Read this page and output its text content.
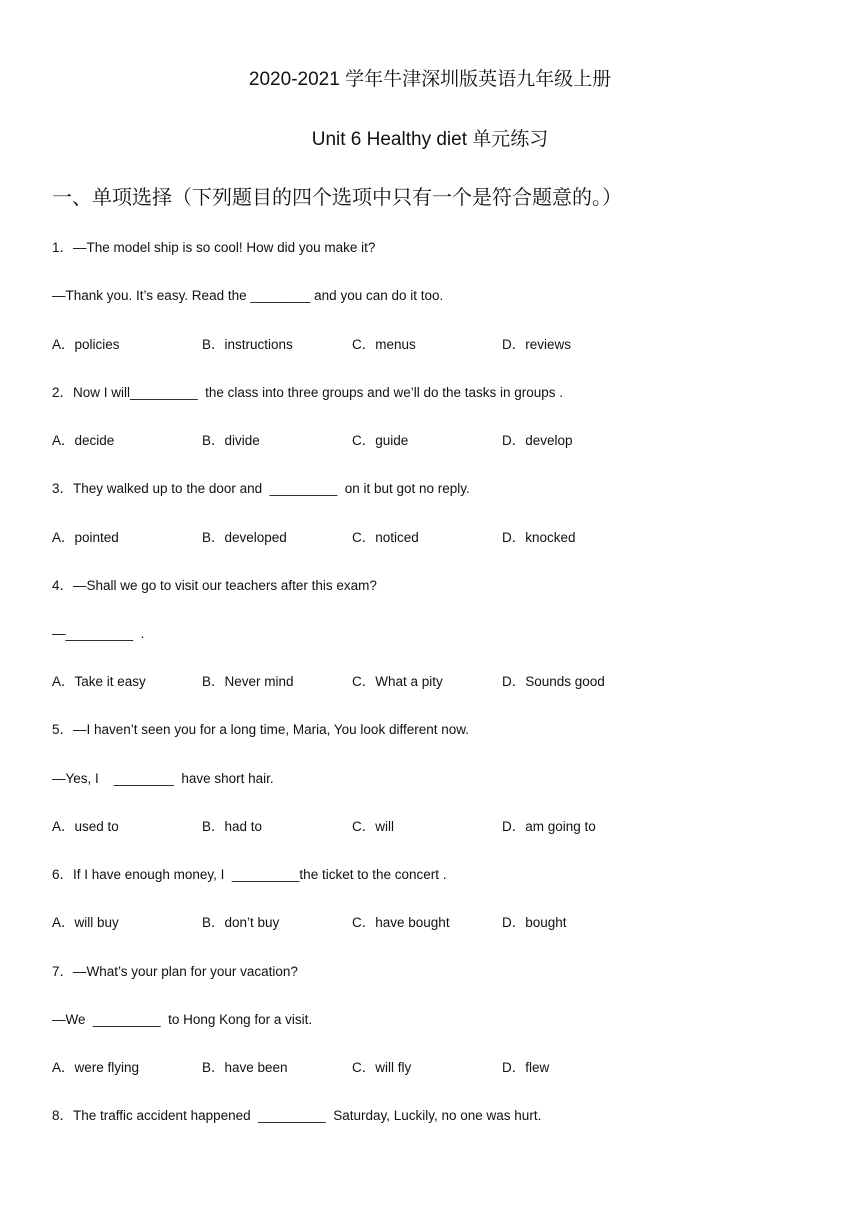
2020-2021 学年牛津深圳版英语九年级上册
Unit 6 Healthy diet 单元练习
一、单项选择（下列题目的四个选项中只有一个是符合题意的。）
1．—The model ship is so cool! How did you make it?
—Thank you. It’s easy. Read the ________ and you can do it too.
A．policies	B．instructions	C．menus	D．reviews
2．Now I will_________  the class into three groups and we’ll do the tasks in groups .
A．decide	B．divide	C．guide	D．develop
3．They walked up to the door and  _________  on it but got no reply.
A．pointed	B．developed	C．noticed	D．knocked
4．—Shall we go to visit our teachers after this exam?
—_________  .
A．Take it easy	B．Never mind	C．What a pity	D．Sounds good
5．—I haven’t seen you for a long time, Maria, You look different now.
—Yes, I    ________  have short hair.
A．used to	B．had to	C．will	D．am going to
6．If I have enough money, I  _________the ticket to the concert .
A．will buy	B．don’t buy	C．have bought	D．bought
7．—What’s your plan for your vacation?
—We  _________  to Hong Kong for a visit.
A．were flying	B．have been	C．will fly	D．flew
8．The traffic accident happened  _________  Saturday, Luckily, no one was hurt.
